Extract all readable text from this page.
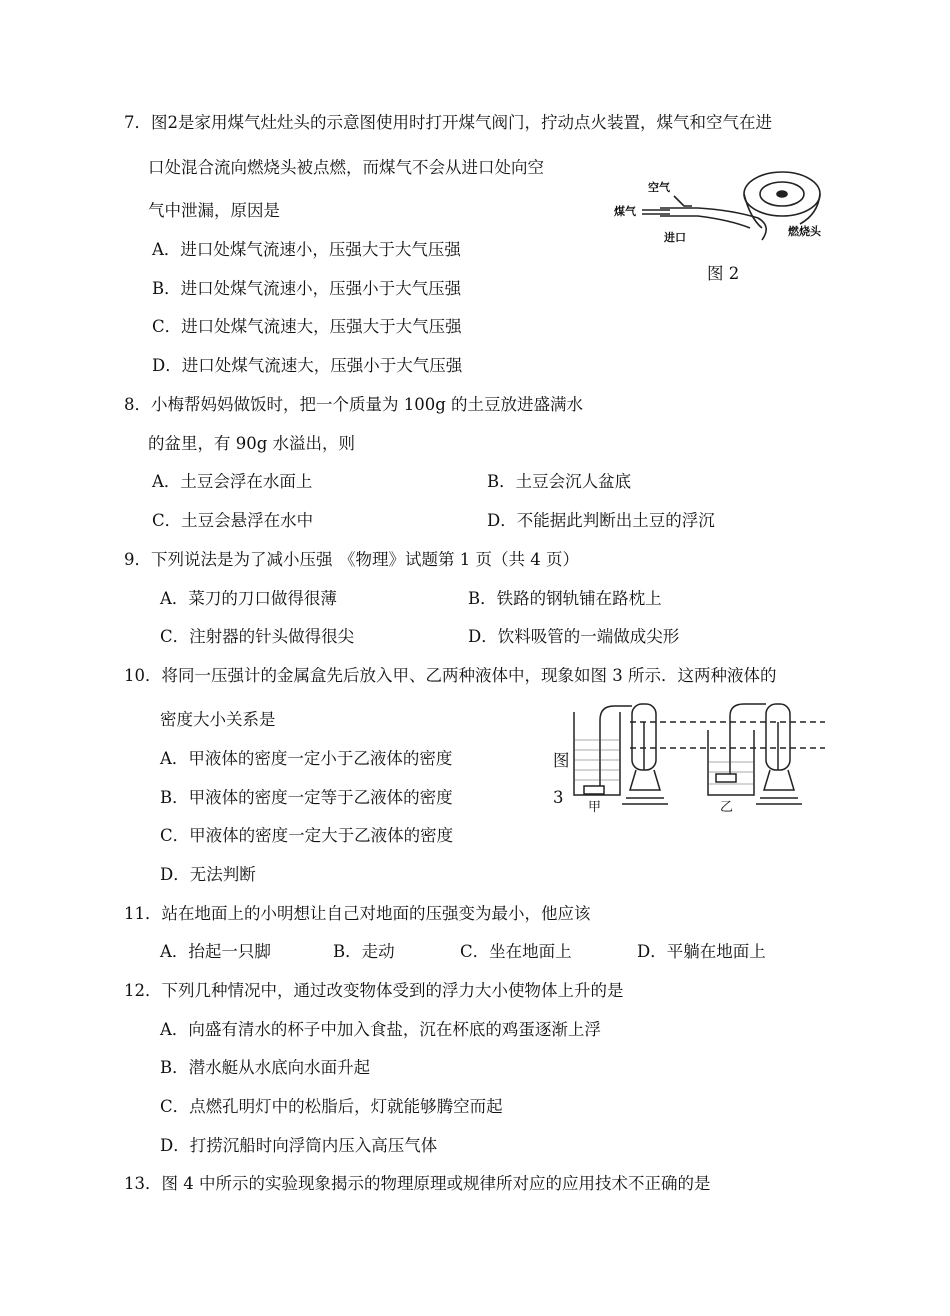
7．图2是家用煤气灶灶头的示意图使用时打开煤气阀门，拧动点火装置，煤气和空气在进
口处混合流向燃烧头被点燃，而煤气不会从进口处向空
气中泄漏，原因是
A．进口处煤气流速小，压强大于大气压强
B．进口处煤气流速小，压强小于大气压强
C．进口处煤气流速大，压强大于大气压强
D．进口处煤气流速大，压强小于大气压强
空气
煤气
进口	燃烧头
图 2
8．小梅帮妈妈做饭时，把一个质量为 100g 的土豆放进盛满水
的盆里，有 90g 水溢出，则
A．土豆会浮在水面上	B．土豆会沉人盆底
C．土豆会悬浮在水中	D．不能据此判断出土豆的浮沉
9．下列说法是为了减小压强 《物理》试题第 1 页（共 4 页）
A．菜刀的刀口做得很薄	B．铁路的钢轨铺在路枕上
C．注射器的针头做得很尖	D．饮料吸管的一端做成尖形
10．将同一压强计的金属盒先后放入甲、乙两种液体中，现象如图 3 所示．这两种液体的
密度大小关系是
A．甲液体的密度一定小于乙液体的密度
B．甲液体的密度一定等于乙液体的密度
C．甲液体的密度一定大于乙液体的密度
D．无法判断
图
3
甲	乙
11．站在地面上的小明想让自己对地面的压强变为最小，他应该
A．抬起一只脚	B．走动	C．坐在地面上	D．平躺在地面上
12．下列几种情况中，通过改变物体受到的浮力大小使物体上升的是
A．向盛有清水的杯子中加入食盐，沉在杯底的鸡蛋逐渐上浮
B．潜水艇从水底向水面升起
C．点燃孔明灯中的松脂后，灯就能够腾空而起
D．打捞沉船时向浮筒内压入高压气体
13．图 4 中所示的实验现象揭示的物理原理或规律所对应的应用技术不正确的是
